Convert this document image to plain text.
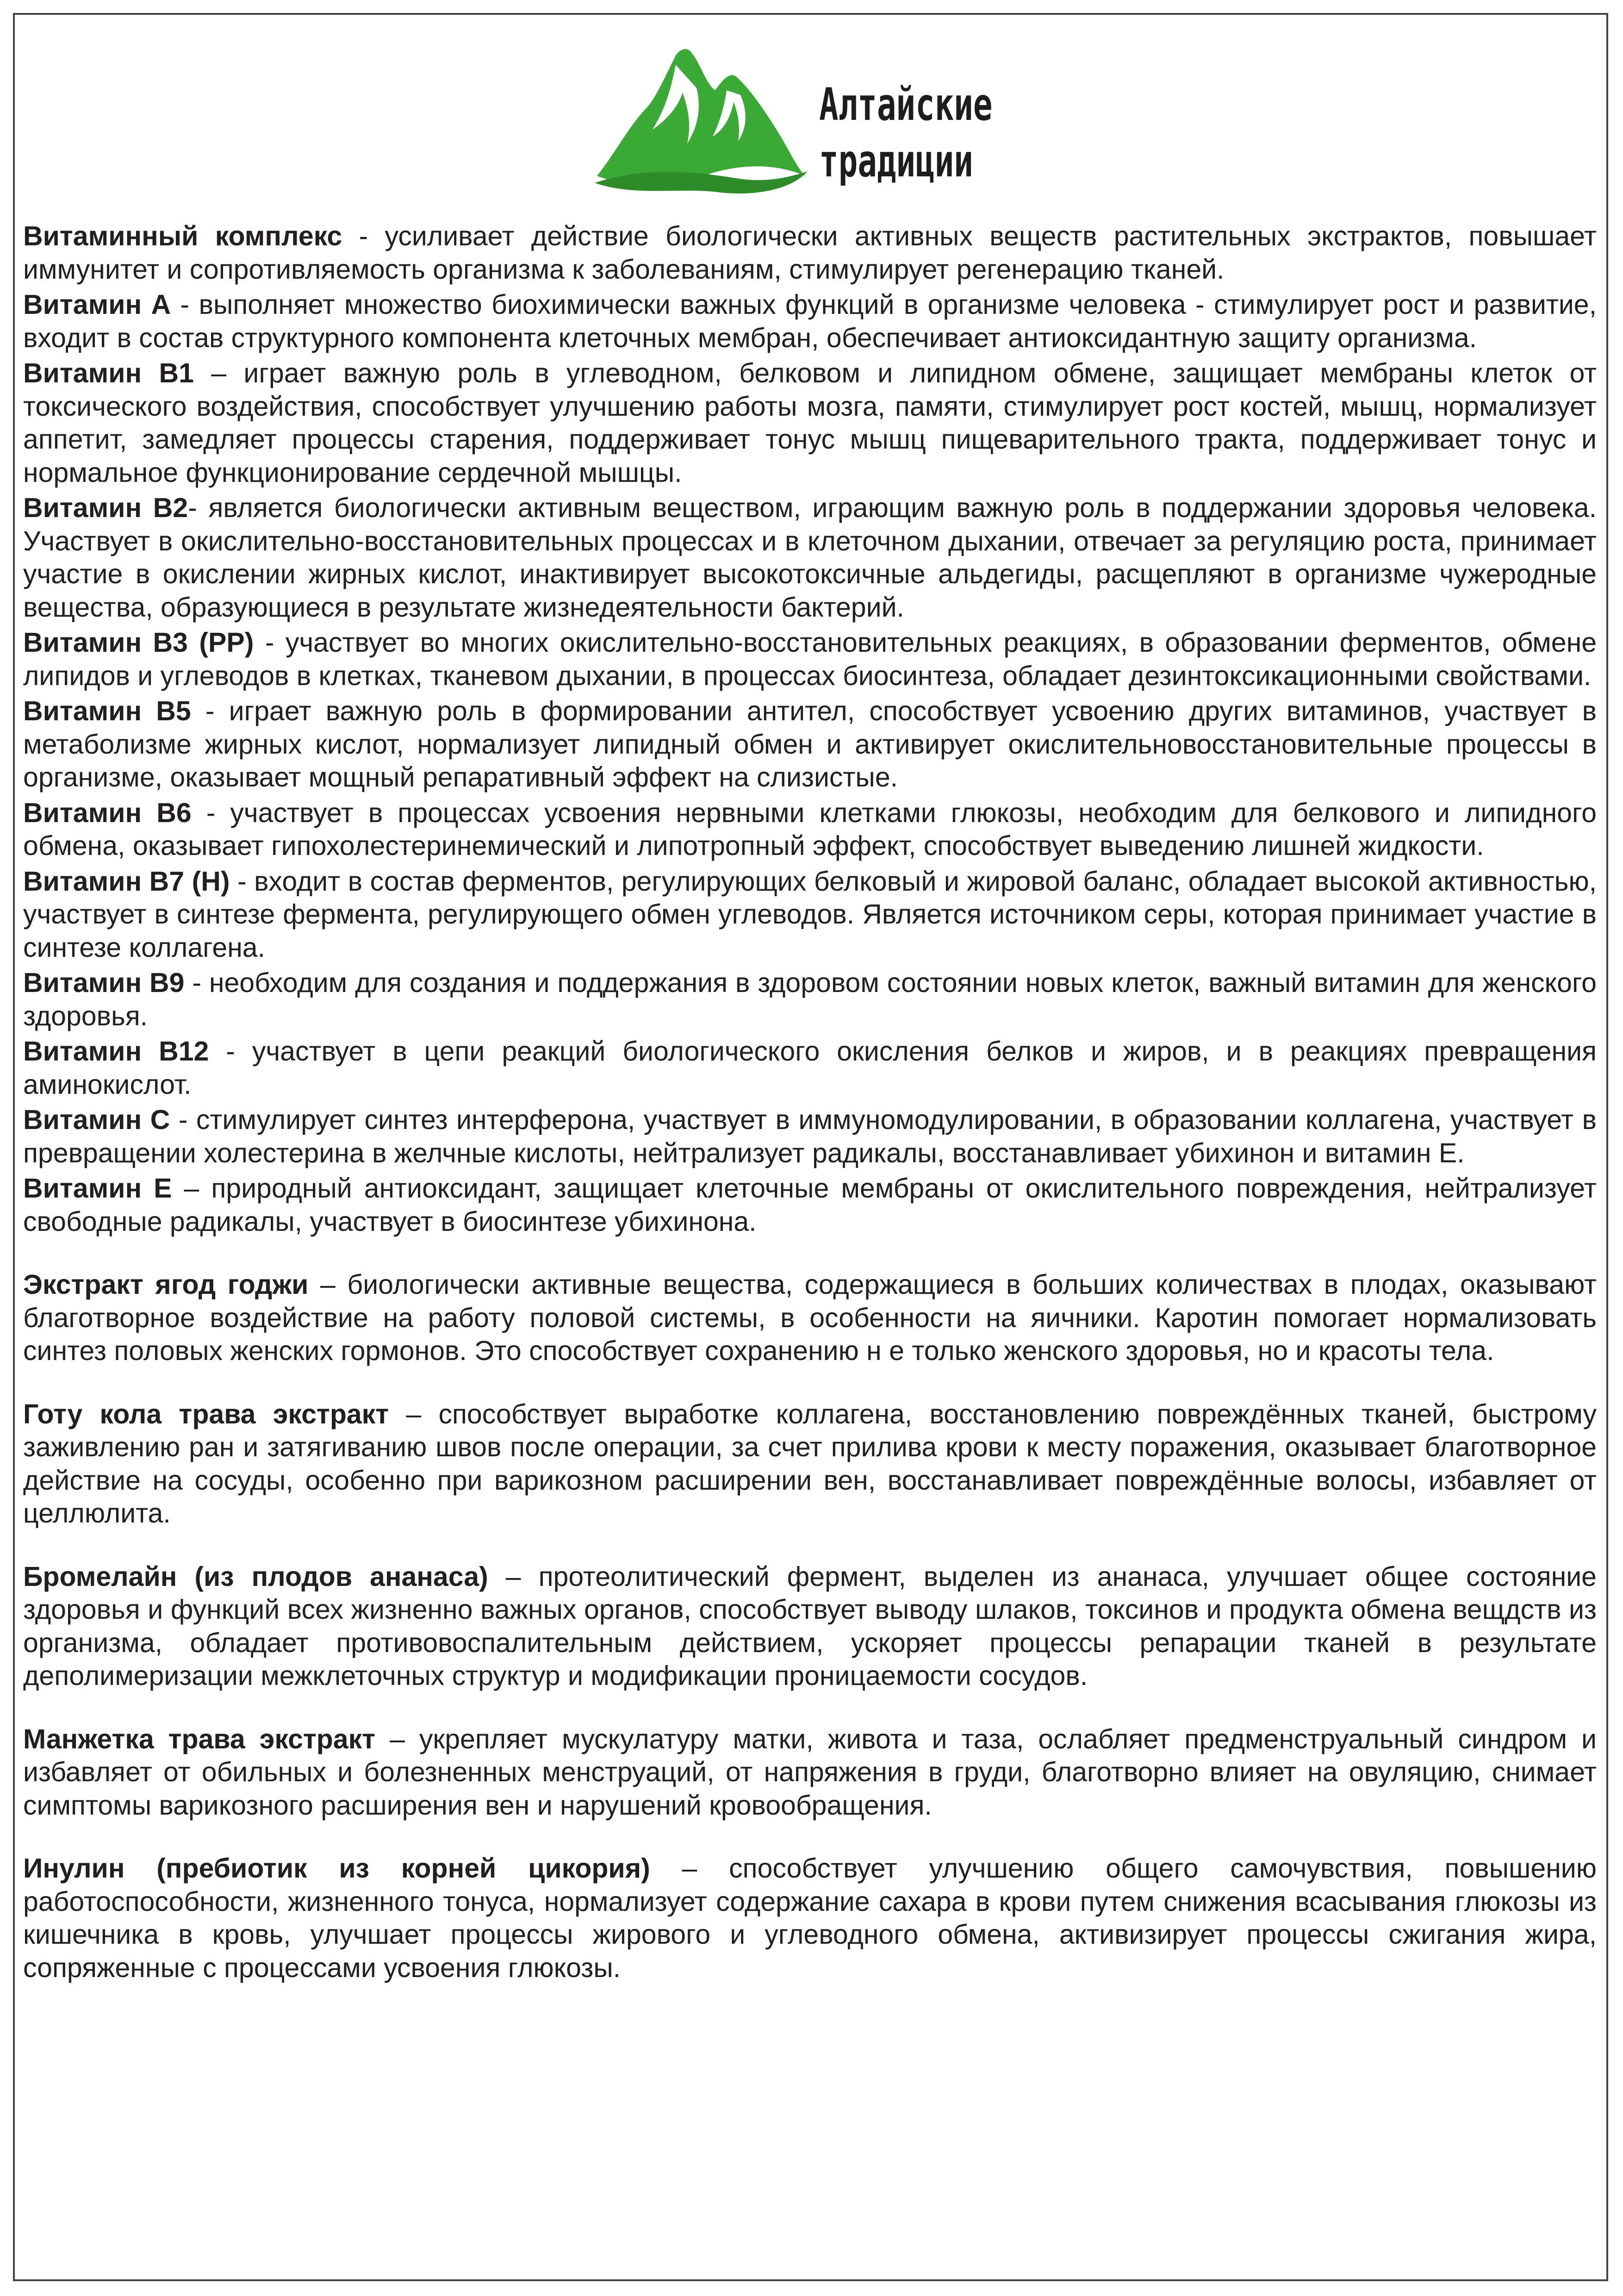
Алтайские
традиции

Витаминный комплекс - усиливает действие биологически активных веществ растительных экстрактов, повышает иммунитет и сопротивляемость организма к заболеваниям, стимулирует регенерацию тканей.

Витамин А - выполняет множество биохимически важных функций в организме человека - стимулирует рост и развитие, входит в состав структурного компонента клеточных мембран, обеспечивает антиоксидантную защиту организма.

Витамин В1 – играет важную роль в углеводном, белковом и липидном обмене, защищает мембраны клеток от токсического воздействия, способствует улучшению работы мозга, памяти, стимулирует рост костей, мышц, нормализует аппетит, замедляет процессы старения, поддерживает тонус мышц пищеварительного тракта, поддерживает тонус и нормальное функционирование сердечной мышцы.

Витамин В2- является биологически активным веществом, играющим важную роль в поддержании здоровья человека. Участвует в окислительно-восстановительных процессах и в клеточном дыхании, отвечает за регуляцию роста, принимает участие в окислении жирных кислот, инактивирует высокотоксичные альдегиды, расщепляют в организме чужеродные вещества, образующиеся в результате жизнедеятельности бактерий.

Витамин В3 (РР) - участвует во многих окислительно-восстановительных реакциях, в образовании ферментов, обмене липидов и углеводов в клетках, тканевом дыхании, в процессах биосинтеза, обладает дезинтоксикационными свойствами.

Витамин В5 - играет важную роль в формировании антител, способствует усвоению других витаминов, участвует в метаболизме жирных кислот, нормализует липидный обмен и активирует окислительновосстановительные процессы в организме, оказывает мощный репаративный эффект на слизистые.

Витамин В6 - участвует в процессах усвоения нервными клетками глюкозы, необходим для белкового и липидного обмена, оказывает гипохолестеринемический и липотропный эффект, способствует выведению лишней жидкости.

Витамин В7 (Н) - входит в состав ферментов, регулирующих белковый и жировой баланс, обладает высокой активностью, участвует в синтезе фермента, регулирующего обмен углеводов. Является источником серы, которая принимает участие в синтезе коллагена.

Витамин В9 - необходим для создания и поддержания в здоровом состоянии новых клеток, важный витамин для женского здоровья.

Витамин В12 - участвует в цепи реакций биологического окисления белков и жиров, и в реакциях превращения аминокислот.

Витамин С - стимулирует синтез интерферона, участвует в иммуномодулировании, в образовании коллагена, участвует в превращении холестерина в желчные кислоты, нейтрализует радикалы, восстанавливает убихинон и витамин Е.

Витамин Е – природный антиоксидант, защищает клеточные мембраны от окислительного повреждения, нейтрализует свободные радикалы, участвует в биосинтезе убихинона.

Экстракт ягод годжи – биологически активные вещества, содержащиеся в больших количествах в плодах, оказывают благотворное воздействие на работу половой системы, в особенности на яичники. Каротин помогает нормализовать синтез половых женских гормонов. Это способствует сохранению н е только женского здоровья, но и красоты тела.

Готу кола трава экстракт – способствует выработке коллагена, восстановлению повреждённых тканей, быстрому заживлению ран и затягиванию швов после операции, за счет прилива крови к месту поражения, оказывает благотворное действие на сосуды, особенно при варикозном расширении вен, восстанавливает повреждённые волосы, избавляет от целлюлита.

Бромелайн (из плодов ананаса) – протеолитический фермент, выделен из ананаса, улучшает общее состояние здоровья и функций всех жизненно важных органов, способствует выводу шлаков, токсинов и продукта обмена вещдств из организма, обладает противовоспалительным действием, ускоряет процессы репарации тканей в результате деполимеризации межклеточных структур и модификации проницаемости сосудов.

Манжетка трава экстракт – укрепляет мускулатуру матки, живота и таза, ослабляет предменструальный синдром и избавляет от обильных и болезненных менструаций, от напряжения в груди, благотворно влияет на овуляцию, снимает симптомы варикозного расширения вен и нарушений кровообращения.

Инулин (пребиотик из корней цикория) – способствует улучшению общего самочувствия, повышению работоспособности, жизненного тонуса, нормализует содержание сахара в крови путем снижения всасывания глюкозы из кишечника в кровь, улучшает процессы жирового и углеводного обмена, активизирует процессы сжигания жира, сопряженные с процессами усвоения глюкозы.
